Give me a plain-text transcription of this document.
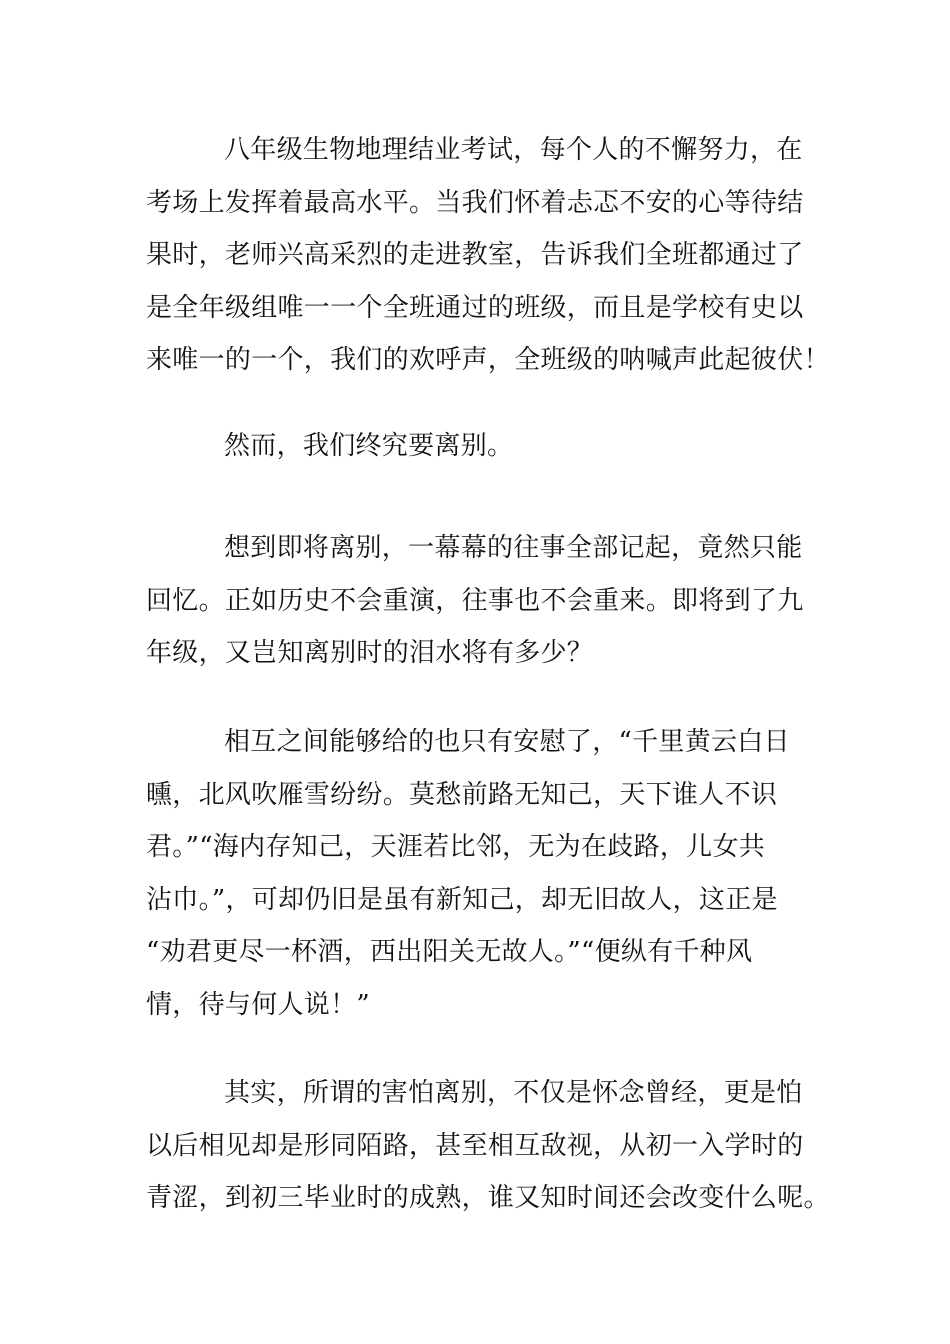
八年级生物地理结业考试，每个人的不懈努力，在
考场上发挥着最高水平。当我们怀着忐忑不安的心等待结
果时，老师兴高采烈的走进教室，告诉我们全班都通过了
是全年级组唯一一个全班通过的班级，而且是学校有史以
来唯一的一个，我们的欢呼声，全班级的呐喊声此起彼伏！

然而，我们终究要离别。

想到即将离别，一幕幕的往事全部记起，竟然只能
回忆。正如历史不会重演，往事也不会重来。即将到了九
年级，又岂知离别时的泪水将有多少？

相互之间能够给的也只有安慰了，“千里黄云白日
曛，北风吹雁雪纷纷。莫愁前路无知己，天下谁人不识
君。”“海内存知己，天涯若比邻，无为在歧路，儿女共
沾巾。”，可却仍旧是虽有新知己，却无旧故人，这正是
“劝君更尽一杯酒，西出阳关无故人。”“便纵有千种风
情，待与何人说！”

其实，所谓的害怕离别，不仅是怀念曾经，更是怕
以后相见却是形同陌路，甚至相互敌视，从初一入学时的
青涩，到初三毕业时的成熟，谁又知时间还会改变什么呢。
